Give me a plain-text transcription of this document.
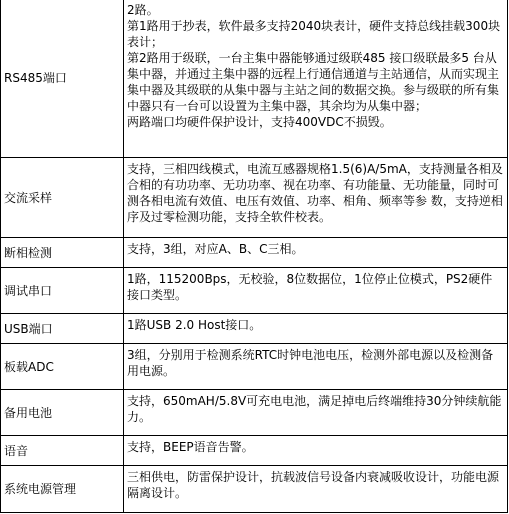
RS485端口	2路。
第1路用于抄表，软件最多支持2040块表计，硬件支持总线挂载300块表计；
第2路用于级联，一台主集中器能够通过级联485 接口级联最多5 台从集中器，并通过主集中器的远程上行通信通道与主站通信，从而实现主集中器及其级联的从集中器与主站之间的数据交换。参与级联的所有集中器只有一台可以设置为主集中器，其余均为从集中器；
两路端口均硬件保护设计，支持400VDC不损毁。

交流采样	支持，三相四线模式，电流互感器规格1.5(6)A/5mA，支持测量各相及合相的有功功率、无功功率、视在功率、有功能量、无功能量，同时可测各相电流有效值、电压有效值、功率、相角、频率等参 数，支持逆相序及过零检测功能，支持全软件校表。

断相检测	支持，3组，对应A、B、C三相。

调试串口	1路，115200Bps，无校验，8位数据位，1位停止位模式，PS2硬件接口类型。

USB端口	1路USB 2.0 Host接口。

板载ADC	3组，分别用于检测系统RTC时钟电池电压，检测外部电源以及检测备用电源。

备用电池	支持，650mAH/5.8V可充电电池，满足掉电后终端维持30分钟续航能力。

语音	支持，BEEP语音告警。

系统电源管理	三相供电，防雷保护设计，抗载波信号设备内衰减吸收设计，功能电源隔离设计。
